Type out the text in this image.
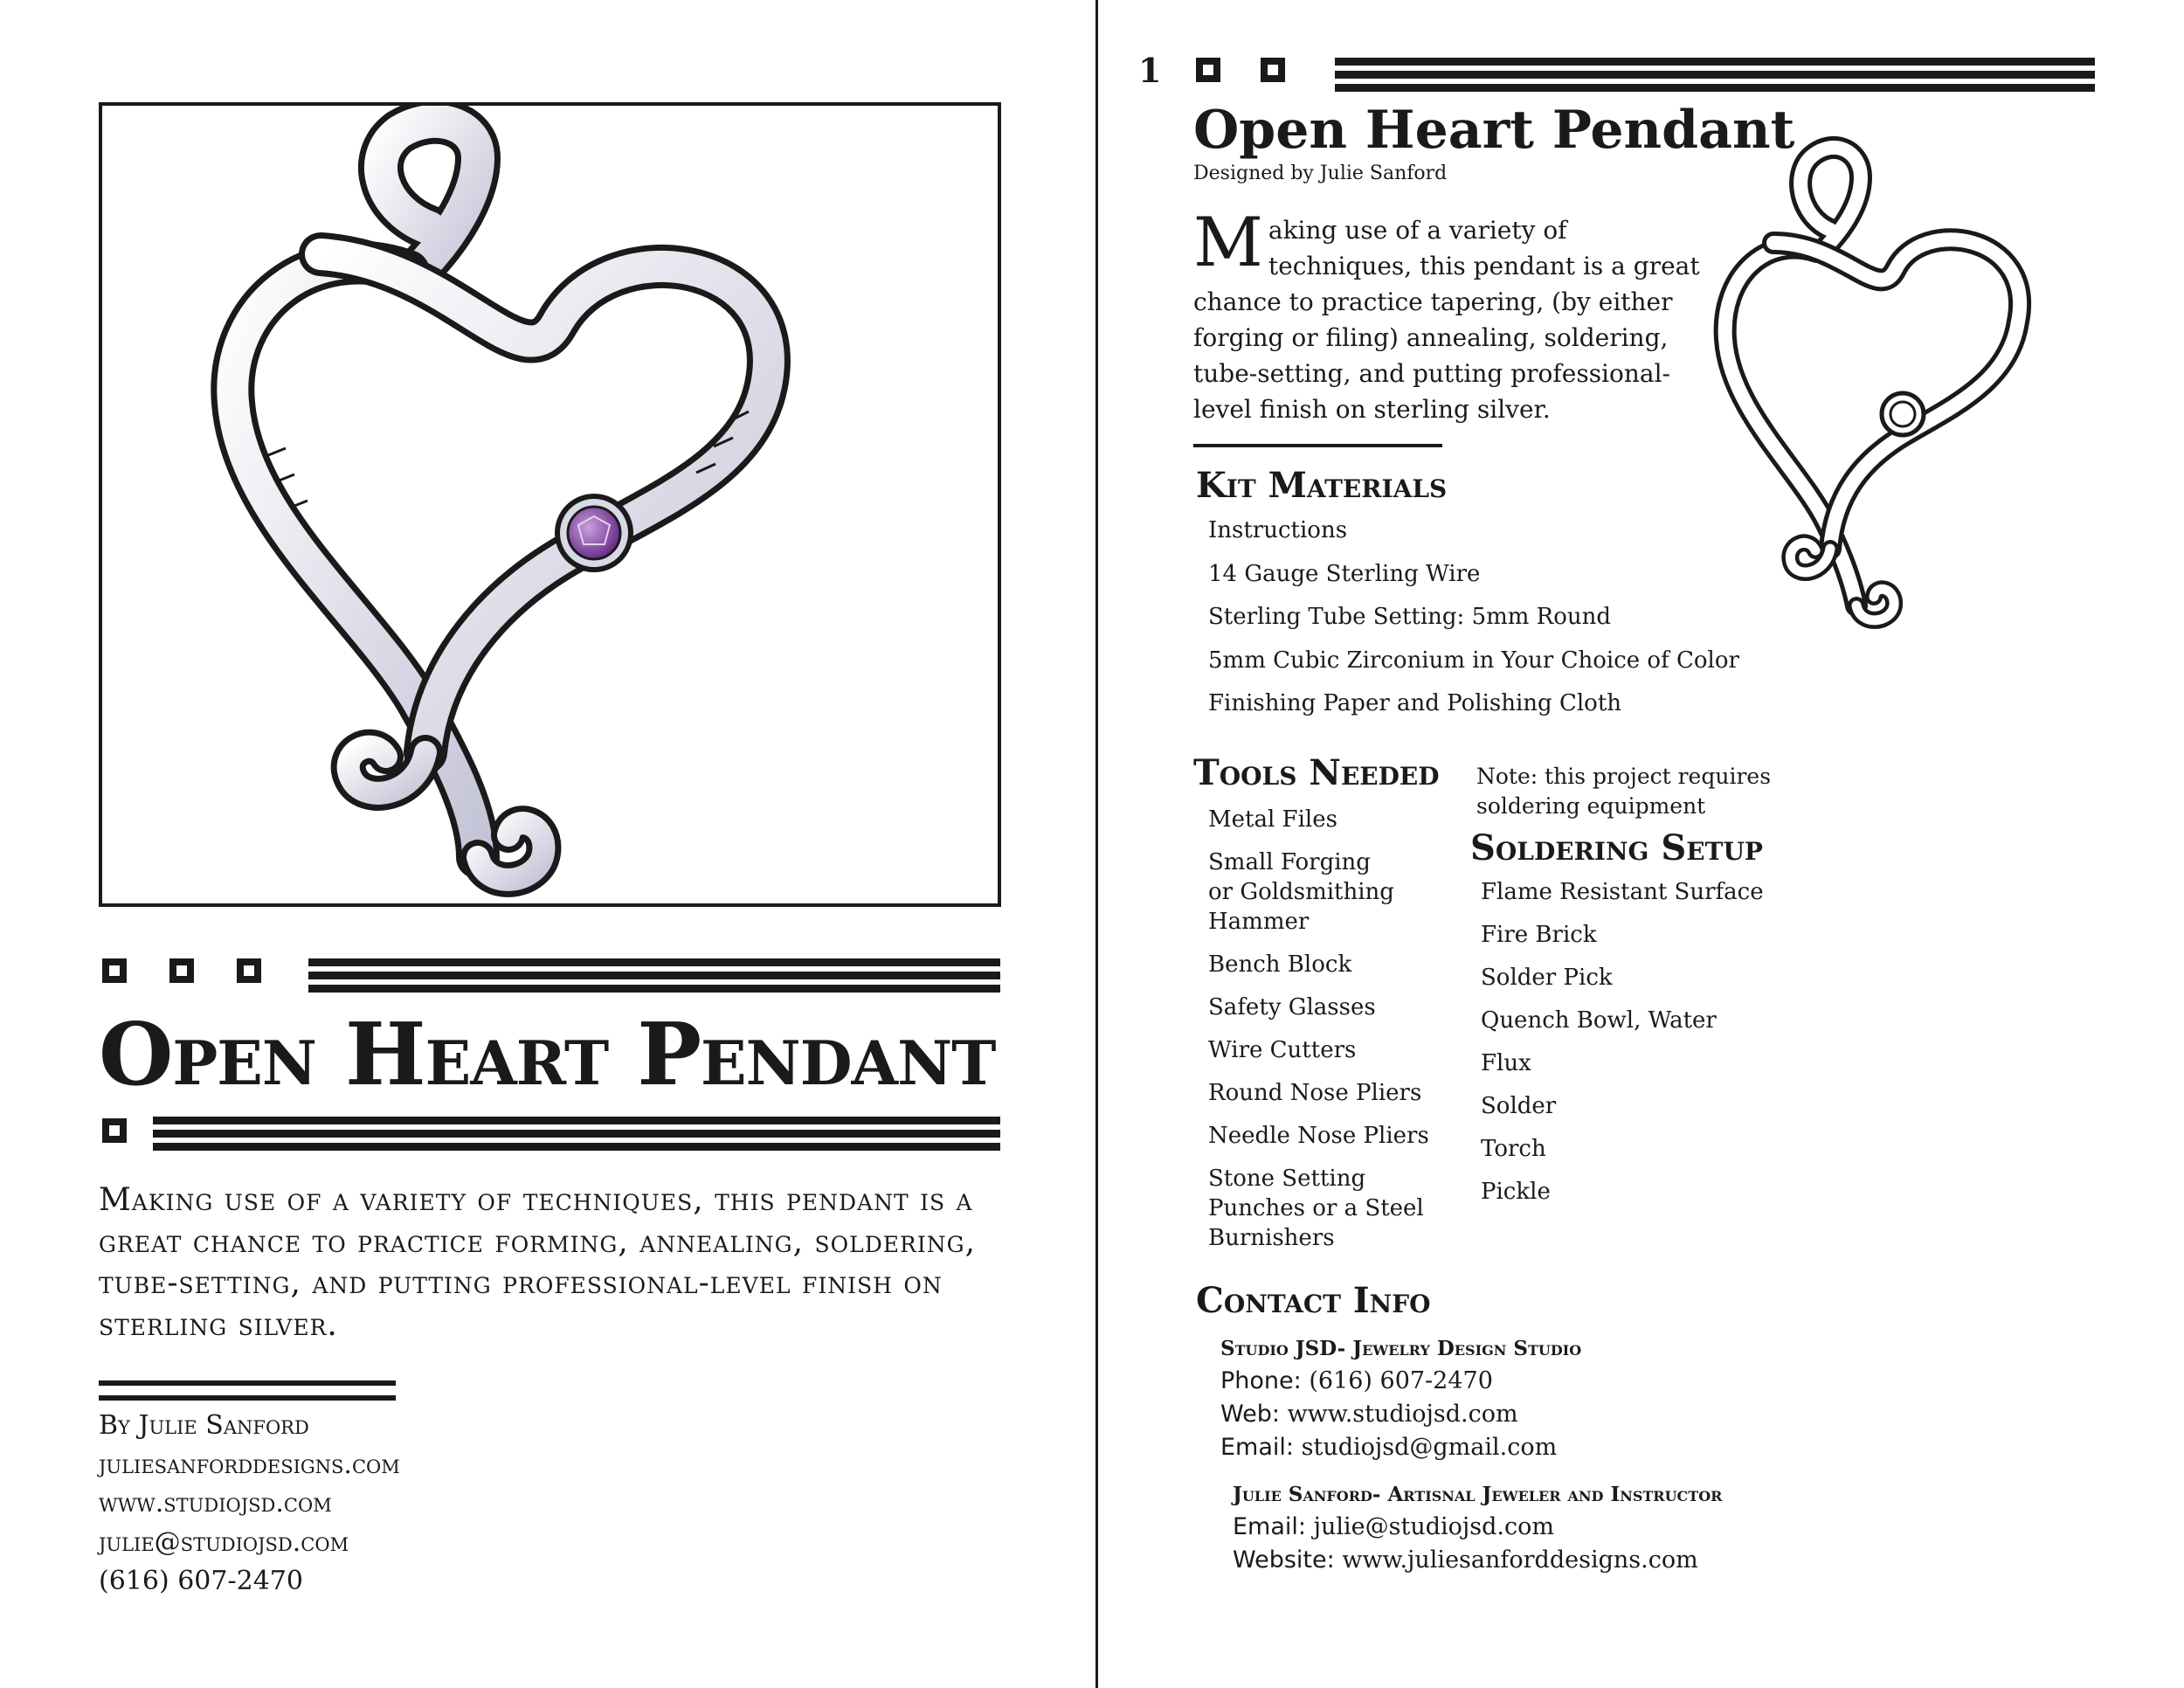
Open Heart Pendant
Making use of a variety of techniques, this pendant is a great chance to practice forming, annealing, soldering, tube-setting, and putting professional-level finish on sterling silver.
By Julie Sanford
juliesanforddesigns.com
www.studiojsd.com
julie@studiojsd.com
(616) 607-2470
1
Open Heart Pendant
Designed by Julie Sanford
M aking use of a variety of techniques, this pendant is a great chance to practice tapering, (by either forging or filing) annealing, soldering, tube-setting, and putting professional-level finish on sterling silver.
Kit Materials
Instructions
14 Gauge Sterling Wire
Sterling Tube Setting: 5mm Round
5mm Cubic Zirconium in Your Choice of Color
Finishing Paper and Polishing Cloth
Tools Needed
Metal Files
Small Forging
or Goldsmithing
Hammer
Bench Block
Safety Glasses
Wire Cutters
Round Nose Pliers
Needle Nose Pliers
Stone Setting
Punches or a Steel
Burnishers
Note: this project requires
soldering equipment
Soldering Setup
Flame Resistant Surface
Fire Brick
Solder Pick
Quench Bowl, Water
Flux
Solder
Torch
Pickle
Contact Info
Studio JSD- Jewelry Design Studio
Phone: (616) 607-2470
Web: www.studiojsd.com
Email: studiojsd@gmail.com
Julie Sanford- Artisnal Jeweler and Instructor
Email: julie@studiojsd.com
Website: www.juliesanforddesigns.com
